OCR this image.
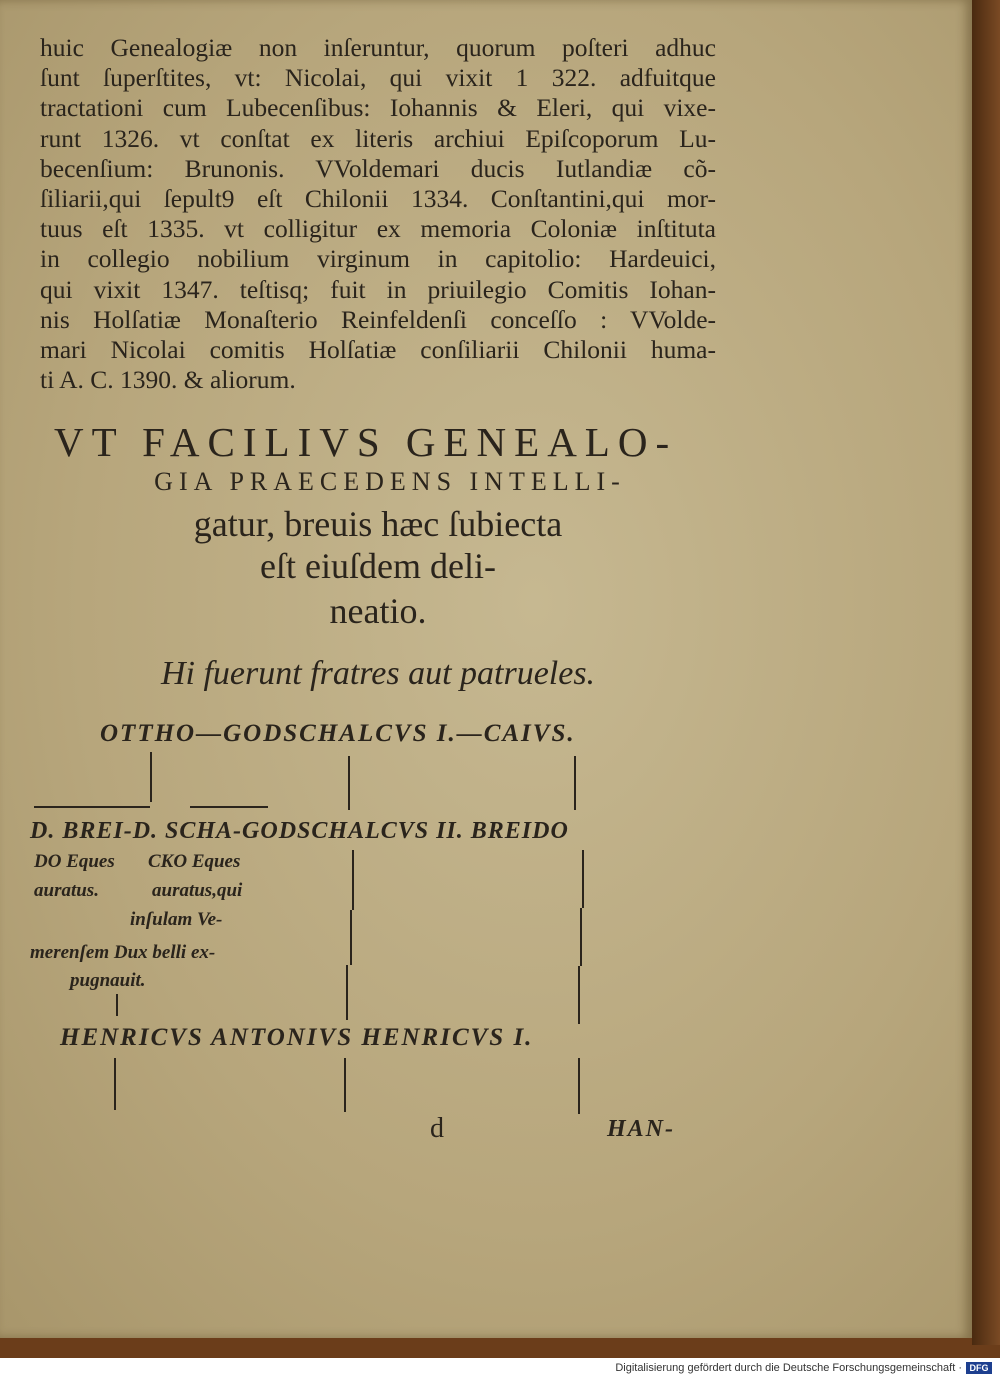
huic Genealogiæ non inſeruntur, quorum poſteri adhuc
ſunt ſuperſtites, vt: Nicolai, qui vixit 1 322. adfuitque
tractationi cum Lubecenſibus: Iohannis & Eleri, qui vixe-
runt 1326. vt conſtat ex literis archiui Epiſcoporum Lu-
becenſium: Brunonis. VVoldemari ducis Iutlandiæ cõ-
ſiliarii,qui ſepult9 eſt Chilonii 1334. Conſtantini,qui mor-
tuus eſt 1335. vt colligitur ex memoria Coloniæ inſtituta
in collegio nobilium virginum in capitolio: Hardeuici,
qui vixit 1347. teſtisq; fuit in priuilegio Comitis Iohan-
nis Holſatiæ Monaſterio Reinfeldenſi conceſſo : VVolde-
mari Nicolai comitis Holſatiæ conſiliarii Chilonii huma-
ti A. C. 1390. & aliorum.
VT FACILIVS GENEALO-
GIA PRAECEDENS INTELLI-
gatur, breuis hæc ſubiecta
eſt eiuſdem deli-
neatio.
Hi fuerunt fratres aut patrueles.
OTTHO—GODSCHALCVS I.—CAIVS.
D. BREI-D. SCHA-GODSCHALCVS II. BREIDO
DO Eques
auratus.
CKO Eques
auratus,qui
inſulam Ve-
merenſem Dux belli ex-
pugnauit.
HENRICVS ANTONIVS HENRICVS I.
d	HAN-
Digitalisierung gefördert durch die Deutsche Forschungsgemeinschaft · DFG
